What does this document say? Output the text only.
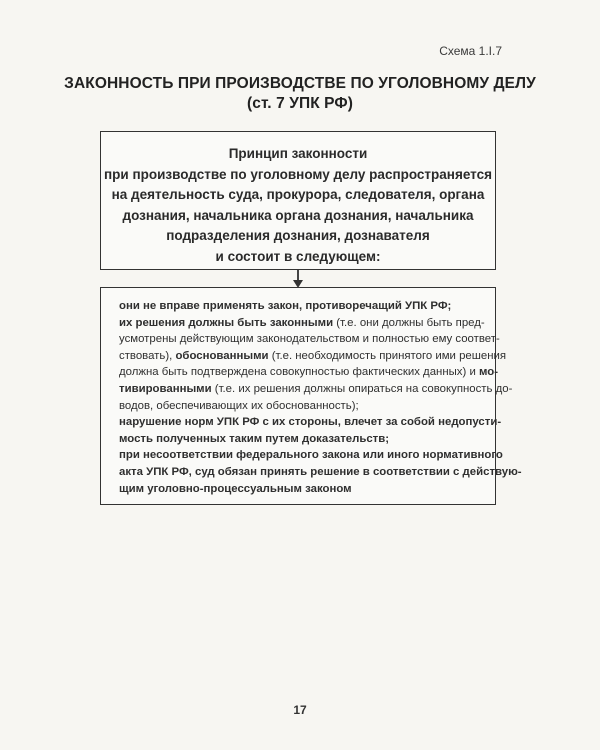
Схема 1.I.7
ЗАКОННОСТЬ ПРИ ПРОИЗВОДСТВЕ ПО УГОЛОВНОМУ ДЕЛУ
(ст. 7 УПК РФ)
Принцип законности
при производстве по уголовному делу распространяется
на деятельность суда, прокурора, следователя, органа
дознания, начальника органа дознания, начальника
подразделения дознания, дознавателя
и состоит в следующем:
они не вправе применять закон, противоречащий УПК РФ;
их решения должны быть законными (т.е. они должны быть пред-
усмотрены действующим законодательством и полностью ему соответ-
ствовать), обоснованными (т.е. необходимость принятого ими решения
должна быть подтверждена совокупностью фактических данных) и мо-
тивированными (т.е. их решения должны опираться на совокупность до-
водов, обеспечивающих их обоснованность);
нарушение норм УПК РФ с их стороны, влечет за собой недопусти-
мость полученных таким путем доказательств;
при несоответствии федерального закона или иного нормативного
акта УПК РФ, суд обязан принять решение в соответствии с действую-
щим уголовно-процессуальным законом
17
